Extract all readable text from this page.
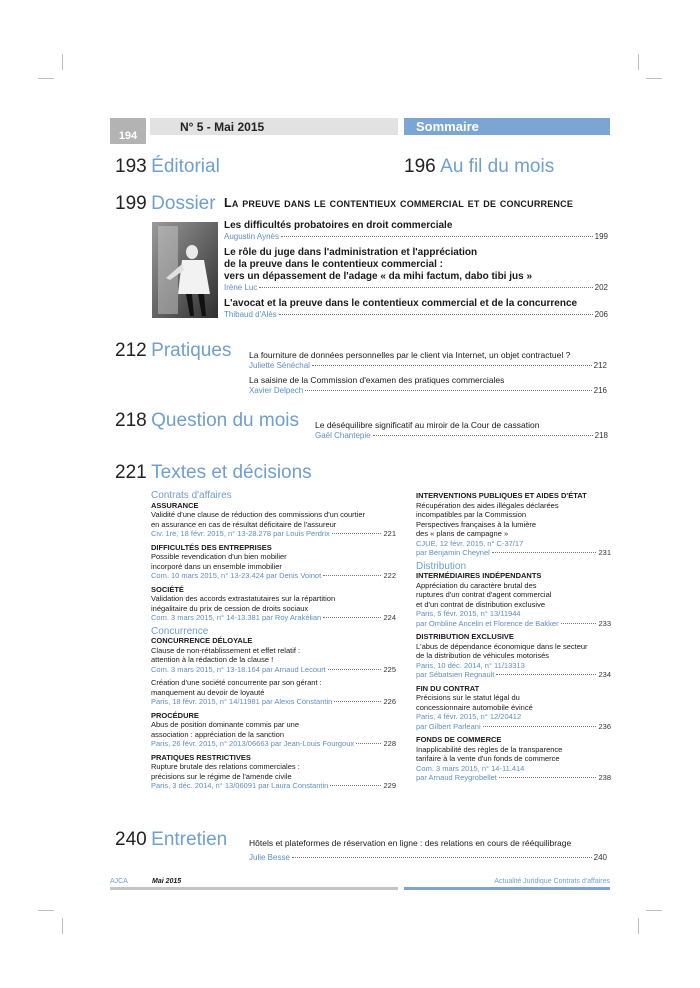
194
N° 5 - Mai 2015	Sommaire
193 Éditorial	196 Au fil du mois
199 Dossier La preuve dans le contentieux commercial et de concurrence
Les difficultés probatoires en droit commerciale
Augustin Aynès	199
Le rôle du juge dans l'administration et l'appréciation
de la preuve dans le contentieux commercial :
vers un dépassement de l'adage « da mihi factum, dabo tibi jus »
Irène Luc	202
L'avocat et la preuve dans le contentieux commercial et de la concurrence
Thibaud d'Alès	206
212 Pratiques La fourniture de données personnelles par le client via Internet, un objet contractuel ?
Juliette Sénéchal	212
La saisine de la Commission d'examen des pratiques commerciales
Xavier Delpech	216
218 Question du mois Le déséquilibre significatif au miroir de la Cour de cassation
Gaël Chantepie	218
221 Textes et décisions
Contrats d'affaires
ASSURANCE
Validité d'une clause de réduction des commissions d'un courtier
en assurance en cas de résultat déficitaire de l'assureur
Civ. 1re, 18 févr. 2015, n° 13-28.278 par Louis Perdrix	221
DIFFICULTÉS DES ENTREPRISES
Possible revendication d'un bien mobilier
incorporé dans un ensemble immobilier
Com. 10 mars 2015, n° 13-23.424 par Denis Voinot	222
SOCIÉTÉ
Validation des accords extrastatutaires sur la répartition
inégalitaire du prix de cession de droits sociaux
Com. 3 mars 2015, n° 14-13.381 par Roy Arakélian	224
Concurrence
CONCURRENCE DÉLOYALE
Clause de non-rétablissement et effet relatif :
attention à la rédaction de la clause !
Com. 3 mars 2015, n° 13-18.164 par Arnaud Lecourt	225
Création d'une société concurrente par son gérant :
manquement au devoir de loyauté
Paris, 18 févr. 2015, n° 14/11981 par Alexis Constantin	226
PROCÉDURE
Abus de position dominante commis par une
association : appréciation de la sanction
Paris, 26 févr. 2015, n° 2013/06663 par Jean-Louis Fourgoux	228
PRATIQUES RESTRICTIVES
Rupture brutale des relations commerciales :
précisions sur le régime de l'amende civile
Paris, 3 déc. 2014, n° 13/06091 par Laura Constantin	229
INTERVENTIONS PUBLIQUES ET AIDES D'ÉTAT
Récupération des aides illégales déclarées
incompatibles par la Commission
Perspectives françaises à la lumière
des « plans de campagne »
CJUE, 12 févr. 2015, n° C-37/17
par Benjamin Cheynel	231
Distribution
INTERMÉDIAIRES INDÉPENDANTS
Appréciation du caractère brutal des
ruptures d'un contrat d'agent commercial
et d'un contrat de distribution exclusive
Paris, 5 févr. 2015, n° 13/11944
par Ombline Ancelin et Florence de Bakker	233
DISTRIBUTION EXCLUSIVE
L'abus de dépendance économique dans le secteur
de la distribution de véhicules motorisés
Paris, 10 déc. 2014, n° 11/13313
par Sébatsien Regnault	234
FIN DU CONTRAT
Précisions sur le statut légal du
concessionnaire automobile évincé
Paris, 4 févr. 2015, n° 12/20412
par Gilbert Parleani	236
FONDS DE COMMERCE
Inapplicabilité des règles de la transparence
tarifaire à la vente d'un fonds de commerce
Com. 3 mars 2015, n° 14-11.414
par Arnaud Reygrobellet	238
240 Entretien	Hôtels et plateformes de réservation en ligne : des relations en cours de rééquilibrage
Julie Besse	240
AJCA	Mai 2015	Actualité Juridique Contrats d'affaires
